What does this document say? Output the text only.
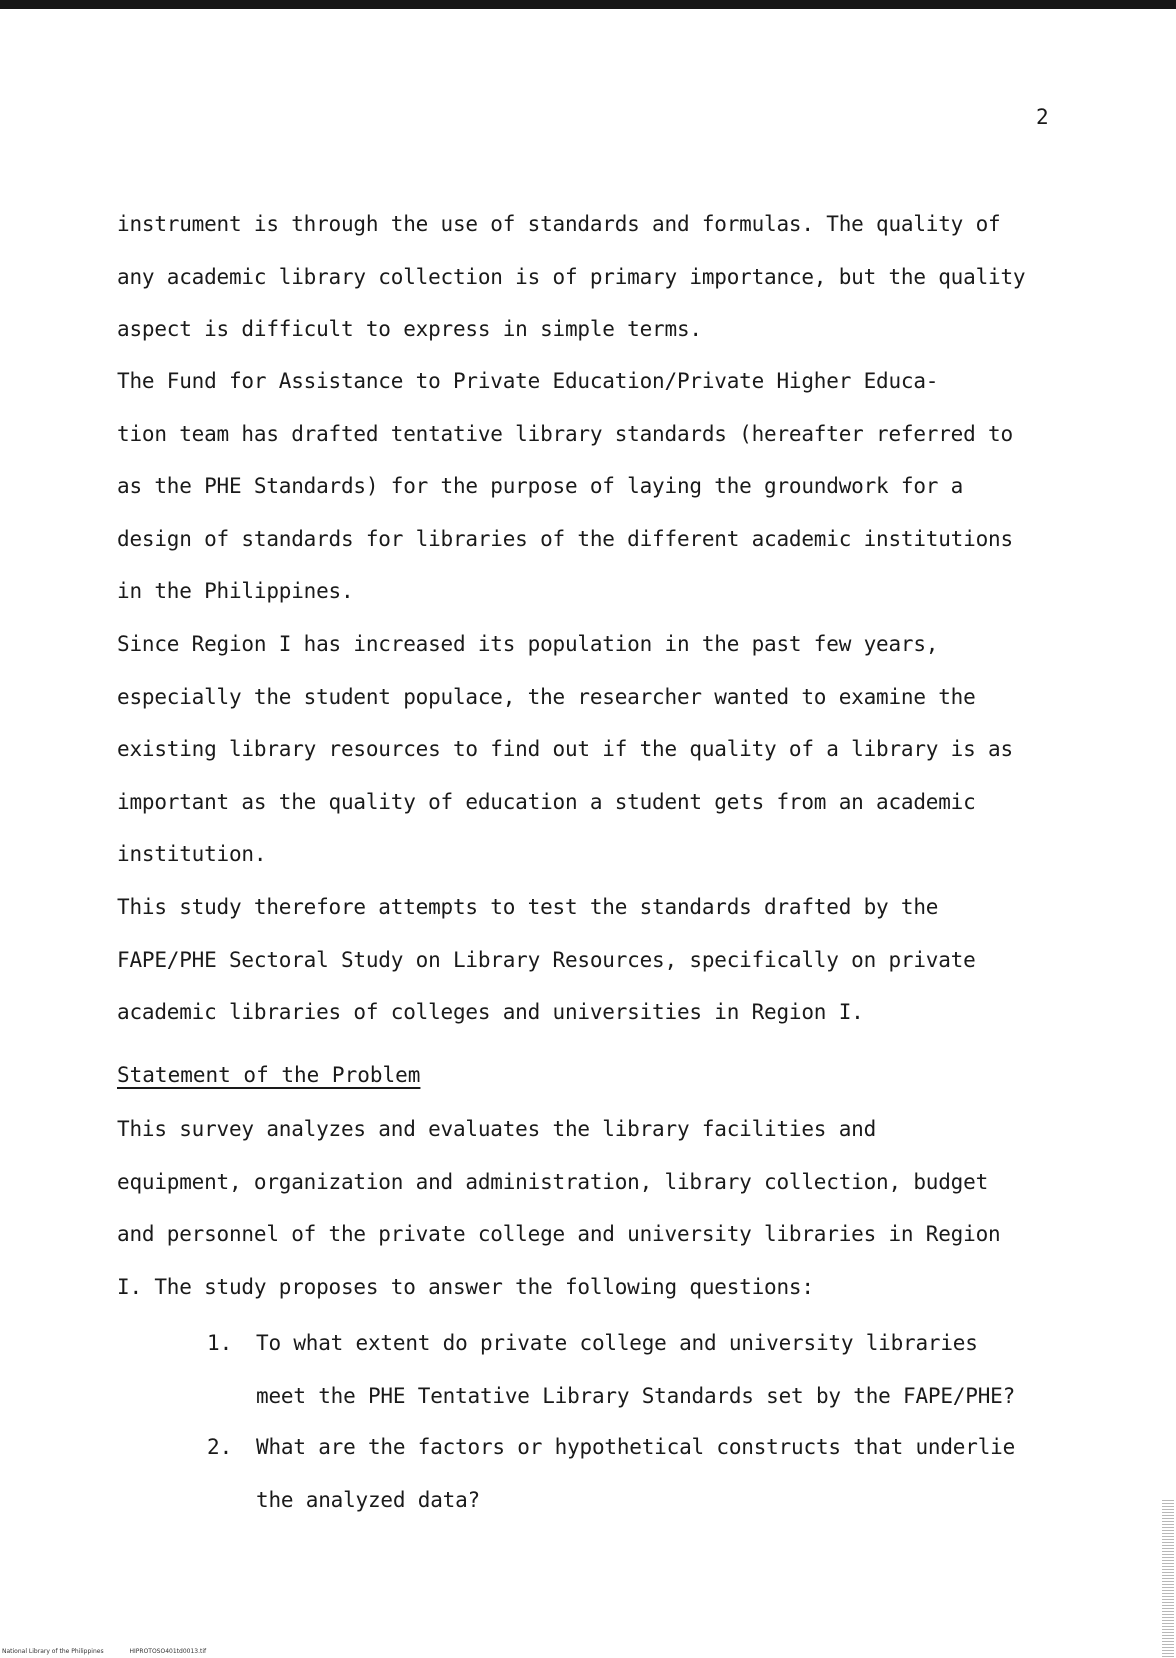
2

instrument is through the use of standards and formulas. The quality of
any academic library collection is of primary importance, but the quality
aspect is difficult to express in simple terms.

The Fund for Assistance to Private Education/Private Higher Educa-
tion team has drafted tentative library standards (hereafter referred to
as the PHE Standards) for the purpose of laying the groundwork for a
design of standards for libraries of the different academic institutions
in the Philippines.

Since Region I has increased its population in the past few years,
especially the student populace, the researcher wanted to examine the
existing library resources to find out if the quality of a library is as
important as the quality of education a student gets from an academic
institution.

This study therefore attempts to test the standards drafted by the
FAPE/PHE Sectoral Study on Library Resources, specifically on private
academic libraries of colleges and universities in Region I.

Statement of the Problem

This survey analyzes and evaluates the library facilities and
equipment, organization and administration, library collection, budget
and personnel of the private college and university libraries in Region
I. The study proposes to answer the following questions:

1. To what extent do private college and university libraries
meet the PHE Tentative Library Standards set by the FAPE/PHE?
2. What are the factors or hypothetical constructs that underlie
the analyzed data?
National Library of the Philippines	HIPROTOSO401td0013.tif
